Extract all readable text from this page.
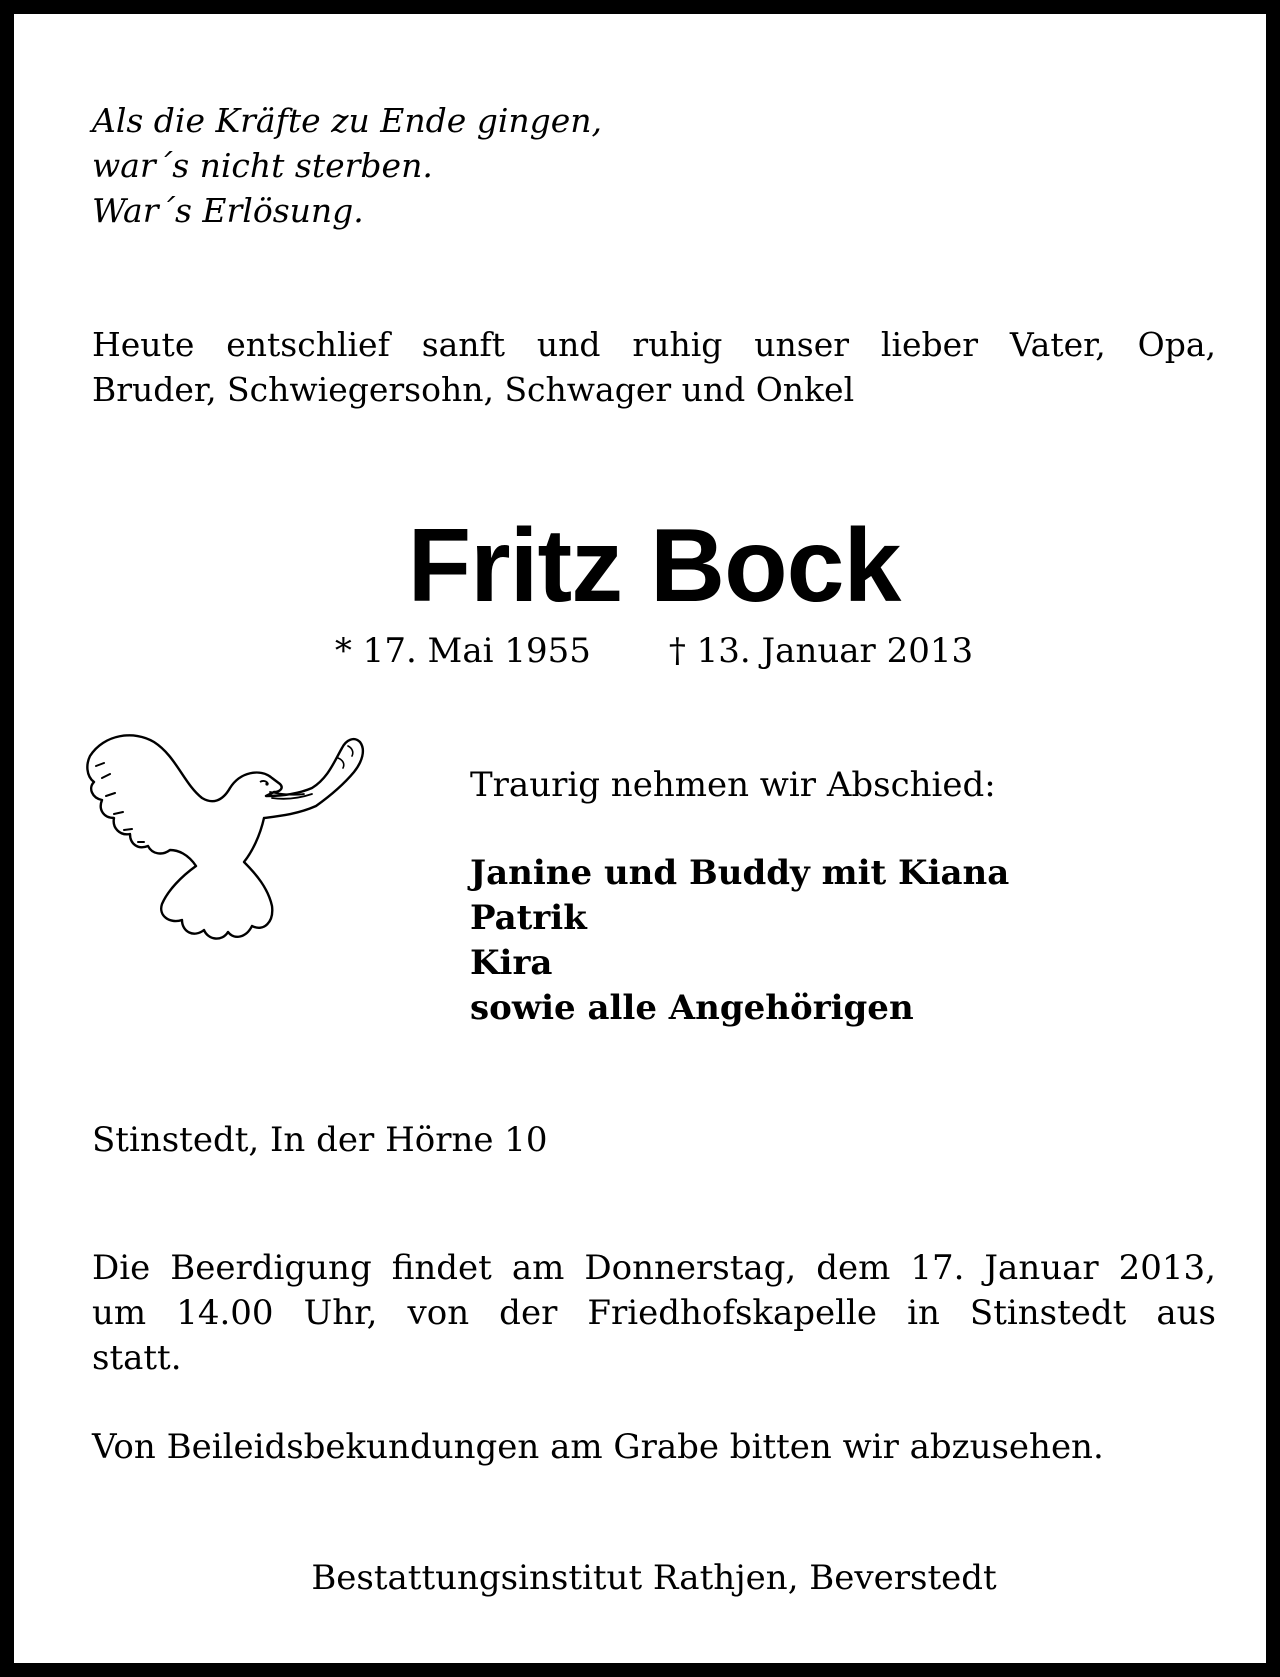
Als die Kräfte zu Ende gingen,
war´s nicht sterben.
War´s Erlösung.
Heute entschlief sanft und ruhig unser lieber Vater, Opa,
Bruder, Schwiegersohn, Schwager und Onkel
Fritz Bock
* 17. Mai 1955 † 13. Januar 2013
Traurig nehmen wir Abschied:
Janine und Buddy mit Kiana
Patrik
Kira
sowie alle Angehörigen
Stinstedt, In der Hörne 10
Die Beerdigung findet am Donnerstag, dem 17. Januar 2013,
um 14.00 Uhr, von der Friedhofskapelle in Stinstedt aus
statt.
Von Beileidsbekundungen am Grabe bitten wir abzusehen.
Bestattungsinstitut Rathjen, Beverstedt
